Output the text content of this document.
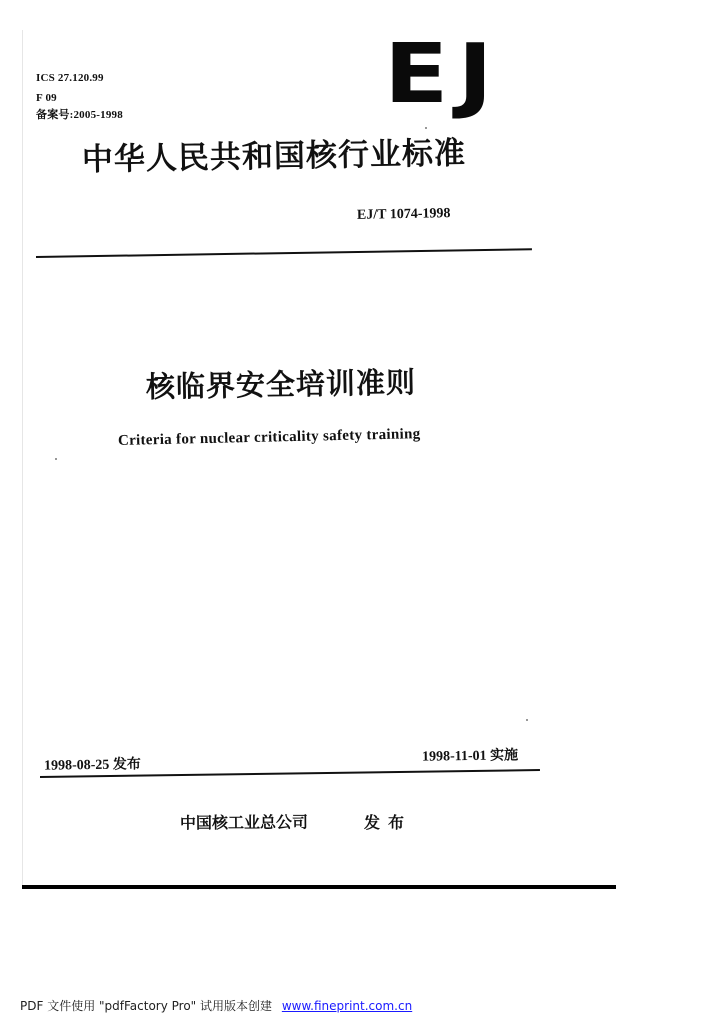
ICS 27.120.99
F 09
备案号:2005-1998	EJ
中华人民共和国核行业标准
EJ/T 1074-1998
核临界安全培训准则
Criteria for nuclear criticality safety training
1998-08-25 发布	1998-11-01 实施
中国核工业总公司	发布
PDF 文件使用 "pdfFactory Pro" 试用版本创建 www.fineprint.com.cn
